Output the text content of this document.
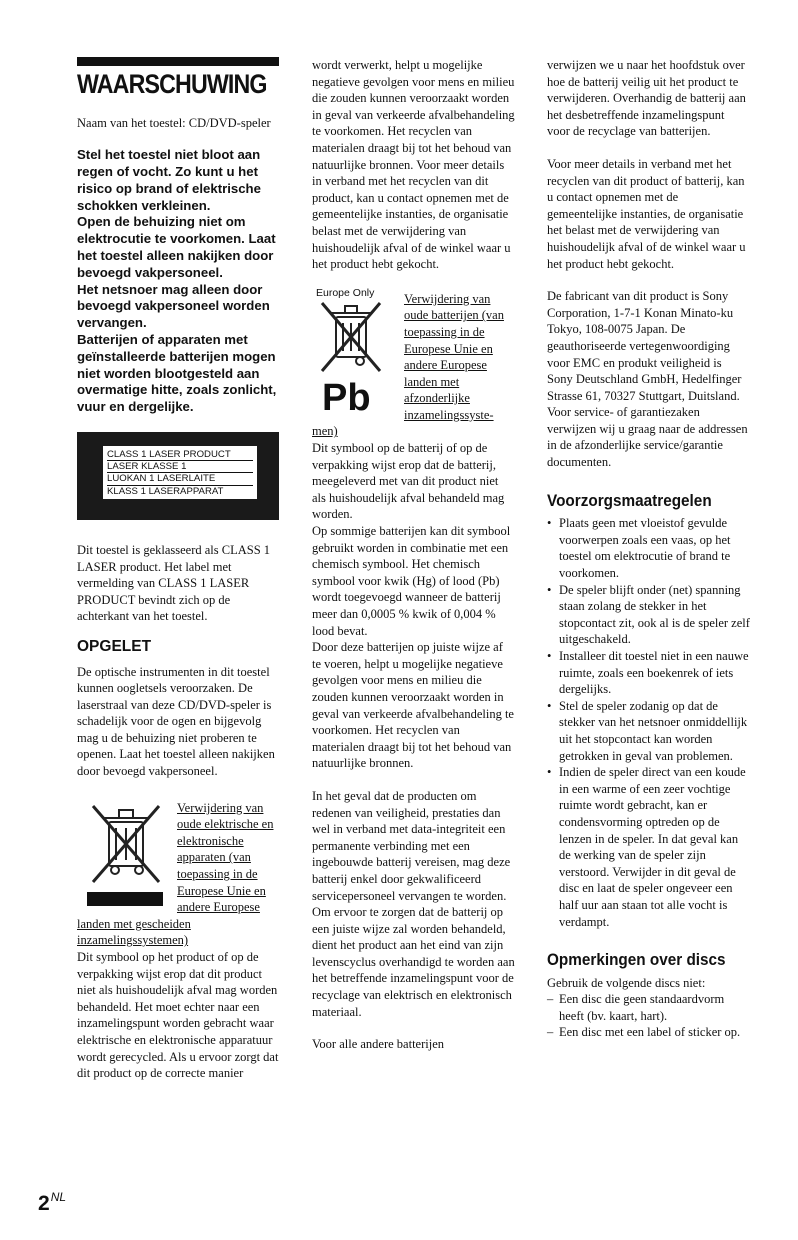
WAARSCHUWING

Naam van het toestel: CD/DVD-speler

Stel het toestel niet bloot aan regen of vocht. Zo kunt u het risico op brand of elektrische schokken verkleinen.
Open de behuizing niet om elektrocutie te voorkomen. Laat het toestel alleen nakijken door bevoegd vakpersoneel.
Het netsnoer mag alleen door bevoegd vakpersoneel worden vervangen.
Batterijen of apparaten met geïnstalleerde batterijen mogen niet worden blootgesteld aan overmatige hitte, zoals zonlicht, vuur en dergelijke.

CLASS 1 LASER PRODUCT
LASER KLASSE 1
LUOKAN 1 LASERLAITE
KLASS 1 LASERAPPARAT

Dit toestel is geklasseerd als CLASS 1 LASER product. Het label met vermelding van CLASS 1 LASER PRODUCT bevindt zich op de achterkant van het toestel.

OPGELET

De optische instrumenten in dit toestel kunnen oogletsels veroorzaken. De laserstraal van deze CD/DVD-speler is schadelijk voor de ogen en bijgevolg mag u de behuizing niet proberen te openen. Laat het toestel alleen nakijken door bevoegd vakpersoneel.

Verwijdering van oude elektrische en elektronische apparaten (van toepassing in de Europese Unie en andere Europese landen met gescheiden inzamelingssystemen)

Dit symbool op het product of op de verpakking wijst erop dat dit product niet als huishoudelijk afval mag worden behandeld. Het moet echter naar een inzamelingspunt worden gebracht waar elektrische en elektronische apparatuur wordt gerecycled. Als u ervoor zorgt dat dit product op de correcte manier

wordt verwerkt, helpt u mogelijke negatieve gevolgen voor mens en milieu die zouden kunnen veroorzaakt worden in geval van verkeerde afvalbehandeling te voorkomen. Het recyclen van materialen draagt bij tot het behoud van natuurlijke bronnen. Voor meer details in verband met het recyclen van dit product, kan u contact opnemen met de gemeentelijke instanties, de organisatie belast met de verwijdering van huishoudelijk afval of de winkel waar u het product hebt gekocht.

Europe Only
Pb

Verwijdering van oude batterijen (van toepassing in de Europese Unie en andere Europese landen met afzonderlijke inzamelingssyste-men)

Dit symbool op de batterij of op de verpakking wijst erop dat de batterij, meegeleverd met van dit product niet als huishoudelijk afval behandeld mag worden.

Op sommige batterijen kan dit symbool gebruikt worden in combinatie met een chemisch symbool. Het chemisch symbool voor kwik (Hg) of lood (Pb) wordt toegevoegd wanneer de batterij meer dan 0,0005 % kwik of 0,004 % lood bevat.

Door deze batterijen op juiste wijze af te voeren, helpt u mogelijke negatieve gevolgen voor mens en milieu die zouden kunnen veroorzaakt worden in geval van verkeerde afvalbehandeling te voorkomen. Het recyclen van materialen draagt bij tot het behoud van natuurlijke bronnen.

In het geval dat de producten om redenen van veiligheid, prestaties dan wel in verband met data-integriteit een permanente verbinding met een ingebouwde batterij vereisen, mag deze batterij enkel door gekwalificeerd servicepersoneel vervangen te worden. Om ervoor te zorgen dat de batterij op een juiste wijze zal worden behandeld, dient het product aan het eind van zijn levenscyclus overhandigd te worden aan het betreffende inzamelingspunt voor de recyclage van elektrisch en elektronisch materiaal.

Voor alle andere batterijen

verwijzen we u naar het hoofdstuk over hoe de batterij veilig uit het product te verwijderen. Overhandig de batterij aan het desbetreffende inzamelingspunt voor de recyclage van batterijen.

Voor meer details in verband met het recyclen van dit product of batterij, kan u contact opnemen met de gemeentelijke instanties, de organisatie het belast met de verwijdering van huishoudelijk afval of de winkel waar u het product hebt gekocht.

De fabricant van dit product is Sony Corporation, 1-7-1 Konan Minato-ku Tokyo, 108-0075 Japan. De geauthoriseerde vertegenwoordiging voor EMC en produkt veiligheid is Sony Deutschland GmbH, Hedelfinger Strasse 61, 70327 Stuttgart, Duitsland. Voor service- of garantiezaken verwijzen wij u graag naar de addressen in de afzonderlijke service/garantie documenten.

Voorzorgsmaatregelen
• Plaats geen met vloeistof gevulde voorwerpen zoals een vaas, op het toestel om elektrocutie of brand te voorkomen.
• De speler blijft onder (net) spanning staan zolang de stekker in het stopcontact zit, ook al is de speler zelf uitgeschakeld.
• Installeer dit toestel niet in een nauwe ruimte, zoals een boekenrek of iets dergelijks.
• Stel de speler zodanig op dat de stekker van het netsnoer onmiddellijk uit het stopcontact kan worden getrokken in geval van problemen.
• Indien de speler direct van een koude in een warme of een zeer vochtige ruimte wordt gebracht, kan er condensvorming optreden op de lenzen in de speler. In dat geval kan de werking van de speler zijn verstoord. Verwijder in dit geval de disc en laat de speler ongeveer een half uur aan staan tot alle vocht is verdampt.
Opmerkingen over discs

Gebruik de volgende discs niet:

– Een disc die geen standaardvorm heeft (bv. kaart, hart).
– Een disc met een label of sticker op.
$2^{NL}$
